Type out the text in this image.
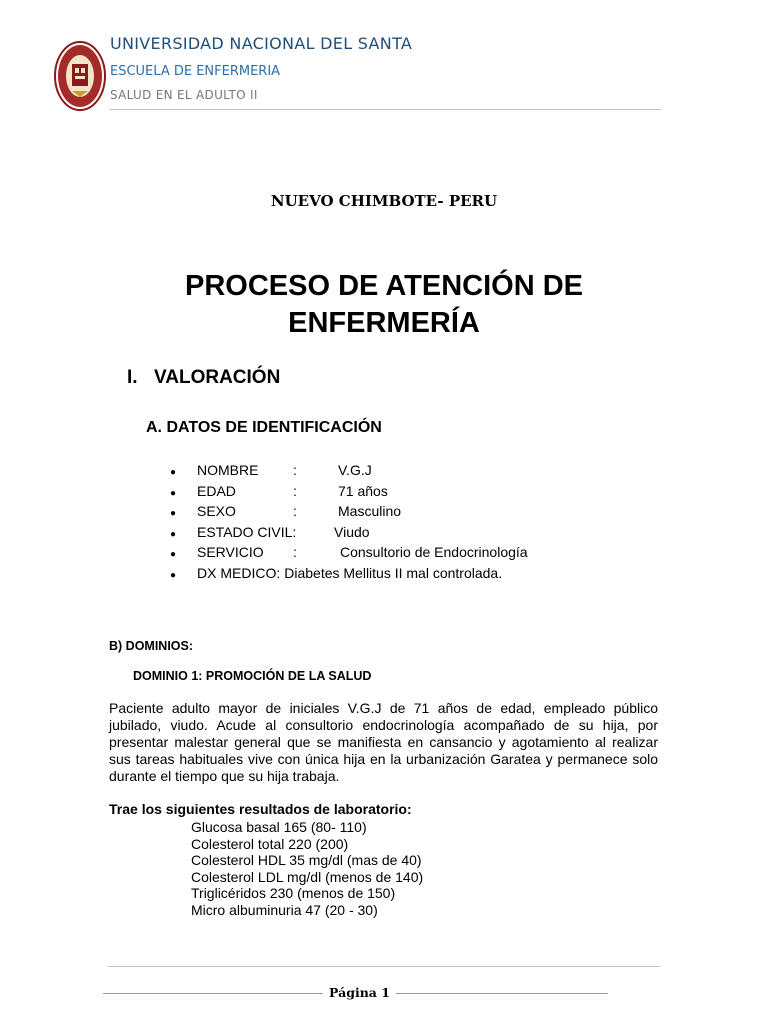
UNIVERSIDAD NACIONAL DEL SANTA
ESCUELA DE ENFERMERIA
SALUD EN EL ADULTO II
NUEVO CHIMBOTE- PERU
PROCESO DE ATENCIÓN DE
ENFERMERÍA
I. VALORACIÓN
A. DATOS DE IDENTIFICACIÓN
● NOMBRE :	V.G.J
● EDAD	:	71 años
● SEXO	:	Masculino
● ESTADO CIVIL:	Viudo
● SERVICIO :	Consultorio de Endocrinología
● DX MEDICO: Diabetes Mellitus II mal controlada.
B) DOMINIOS:
DOMINIO 1: PROMOCIÓN DE LA SALUD
Paciente adulto mayor de iniciales V.G.J de 71 años de edad, empleado público jubilado, viudo. Acude al consultorio endocrinología acompañado de su hija, por presentar malestar general que se manifiesta en cansancio y agotamiento al realizar sus tareas habituales vive con única hija en la urbanización Garatea y permanece solo durante el tiempo que su hija trabaja.
Trae los siguientes resultados de laboratorio:
Glucosa basal 165 (80- 110)
Colesterol total 220 (200)
Colesterol HDL 35 mg/dl (mas de 40)
Colesterol LDL mg/dl (menos de 140)
Triglicéridos 230 (menos de 150)
Micro albuminuria 47 (20 - 30)
Página 1
